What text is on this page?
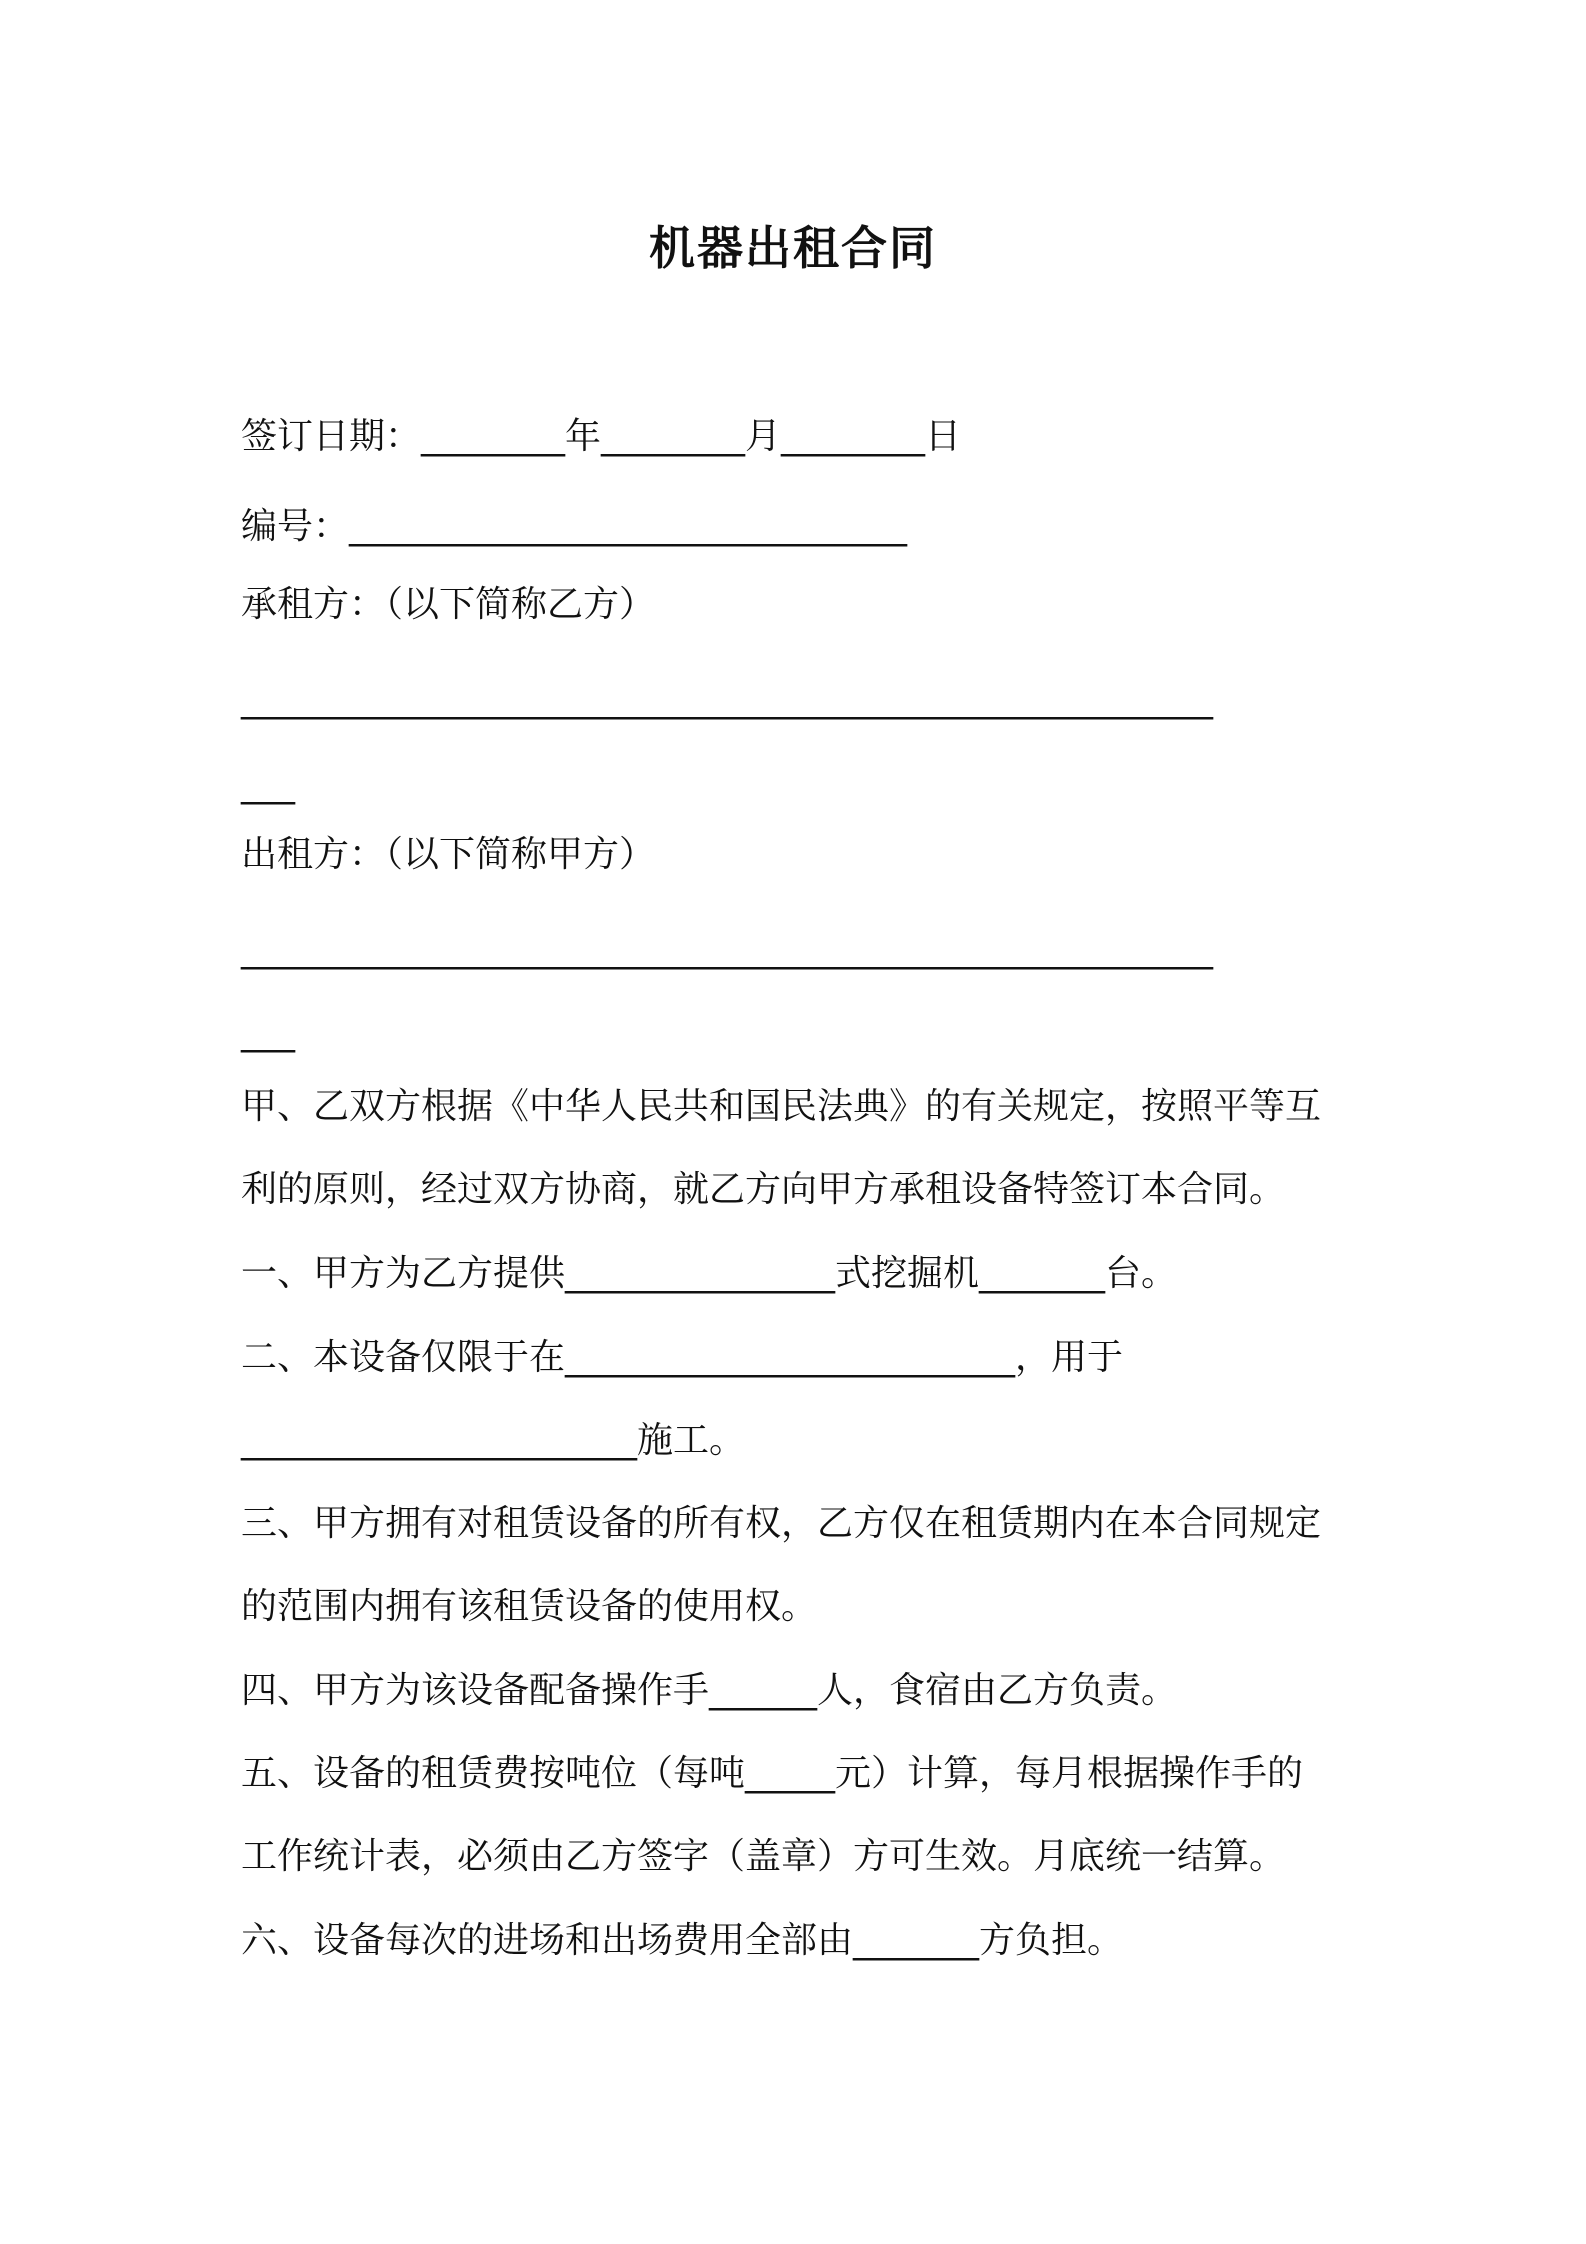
机器出租合同
签订日期：________年________月________日
编号：_______________________________
承租方：（以下简称乙方）
______________________________________________________
___
出租方：（以下简称甲方）
______________________________________________________
___
甲、乙双方根据《中华人民共和国民法典》的有关规定，按照平等互
利的原则，经过双方协商，就乙方向甲方承租设备特签订本合同。
一、甲方为乙方提供_______________式挖掘机_______台。
二、本设备仅限于在_________________________，用于
______________________施工。
三、甲方拥有对租赁设备的所有权，乙方仅在租赁期内在本合同规定
的范围内拥有该租赁设备的使用权。
四、甲方为该设备配备操作手______人，食宿由乙方负责。
五、设备的租赁费按吨位（每吨_____元）计算，每月根据操作手的
工作统计表，必须由乙方签字（盖章）方可生效。月底统一结算。
六、设备每次的进场和出场费用全部由_______方负担。
